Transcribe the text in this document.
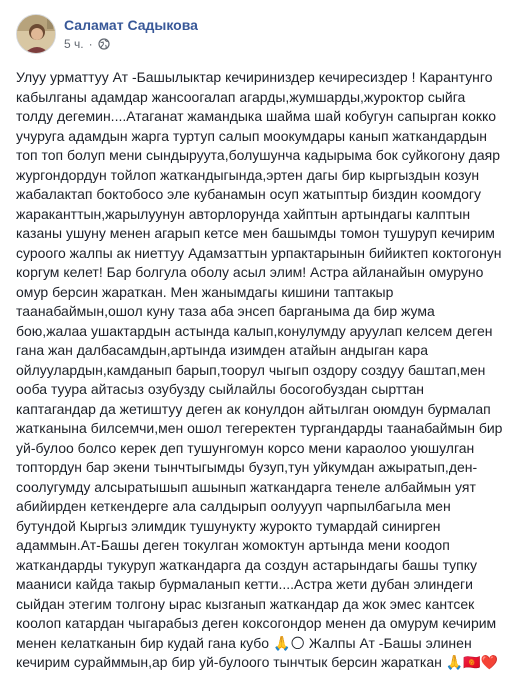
Саламат Садыкова
5 ч. ·
Улуу урматтуу Ат -Башылыктар кечириниздер кечиресиздер ! Карантунго кабылганы адамдар жансоогалап агарды,жумшарды,журоктор сыйга толду дегемин....Атаганат жамандыка шайма шай кобугун сапырган кокко учуруга адамдын жарга туртуп салып моокумдары канып жаткандардын топ топ болуп мени сындыруута,болушунча кадырыма бок суйкогону даяр жургондордун тойлоп жаткандыгында,эртен дагы бир кыргыздын козун жабалактап боктобосо эле кубанамын осуп жатыптыр биздин коомдогу жараканттын,жарылуунун авторлорунда хайптын артындагы калптын казаны ушуну менен агарып кетсе мен башымды томон тушуруп кечирим суроого жалпы ак ниеттуу Адамзаттын урпактарынын бийиктеп коктогонун коргум келет! Бар болгула оболу асыл элим! Астра айланайын омуруно омур берсин жараткан. Мен жанымдагы кишини таптакыр таанабаймын,ошол куну таза аба энсеп барганыма да бир жума бою,жалаа ушактардын астында калып,конулумду аруулап келсем деген гана жан далбасамдын,артында изимден атайын андыган кара ойлуулардын,камданып барып,тоорул чыгып оздору создуу баштап,мен ооба туура айтасыз озубузду сыйлайлы босогобуздан сырттан каптагандар да жетиштуу деген ак конулдон айтылган оюмдун бурмалап жатканына билсемчи,мен ошол тегеректен тургандарды таанабаймын бир уй-булоо болсо керек деп тушунгомун корсо мени караолоо уюшулган топтордун бар экени тынчтыгымды бузуп,тун уйкумдан ажыратып,ден-соолугумду алсыратышып ашынып жаткандарга тенеле албаймын уят абийирден кеткендерге ала салдырып оолуууп чарпылбагыла мен бутундой Кыргыз элимдик тушунукту журокто тумардай синирген адаммын.Ат-Башы деген токулган жомоктун артында мени коодоп жаткандарды тукуруп жаткандарга да создун астарындагы башы тупку мааниси кайда такыр бурмаланып кетти....Астра жети дубан элиндеги сыйдан этегим толгону ырас кызганып жаткандар да жок эмес кантсек коолоп катардан чыгарабыз деген коксогондор менен да омурум кечирим менен келатканын бир кудай гана кубо 🙏🌕 Жалпы Ат -Башы элинен кечирим сурайммын,ар бир уй-булоого тынчтык берсин жараткан 🙏🇰🇬❤️
